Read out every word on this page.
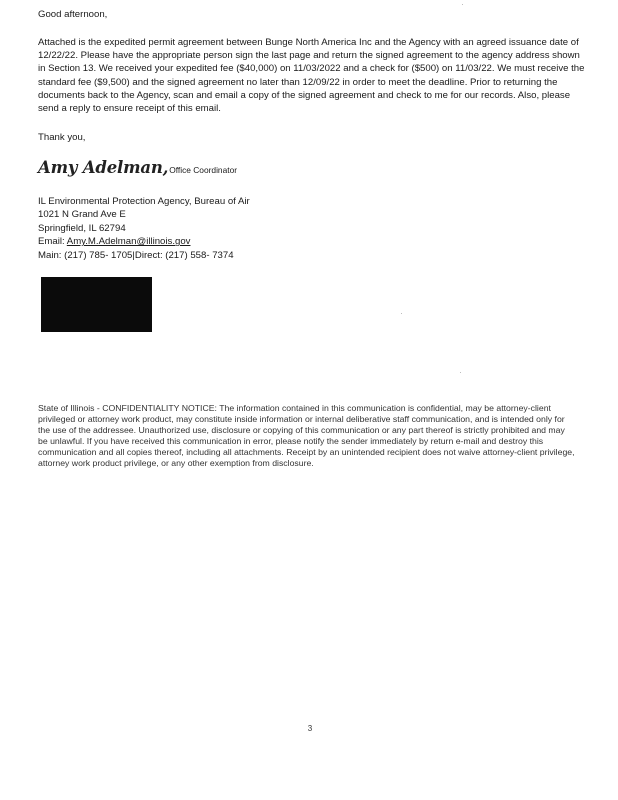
Good afternoon,
Attached is the expedited permit agreement between Bunge North America Inc and the Agency with an agreed issuance date of 12/22/22. Please have the appropriate person sign the last page and return the signed agreement to the agency address shown in Section 13. We received your expedited fee ($40,000) on 11/03/2022 and a check for ($500) on 11/03/22. We must receive the standard fee ($9,500) and the signed agreement no later than 12/09/22 in order to meet the deadline. Prior to returning the documents back to the Agency, scan and email a copy of the signed agreement and check to me for our records. Also, please send a reply to ensure receipt of this email.
Thank you,
Amy Adelman, Office Coordinator
IL Environmental Protection Agency, Bureau of Air
1021 N Grand Ave E
Springfield, IL 62794
Email: Amy.M.Adelman@illinois.gov
Main: (217) 785- 1705|Direct: (217) 558- 7374
State of Illinois - CONFIDENTIALITY NOTICE: The information contained in this communication is confidential, may be attorney-client privileged or attorney work product, may constitute inside information or internal deliberative staff communication, and is intended only for the use of the addressee. Unauthorized use, disclosure or copying of this communication or any part thereof is strictly prohibited and may be unlawful. If you have received this communication in error, please notify the sender immediately by return e-mail and destroy this communication and all copies thereof, including all attachments. Receipt by an unintended recipient does not waive attorney-client privilege, attorney work product privilege, or any other exemption from disclosure.
3
